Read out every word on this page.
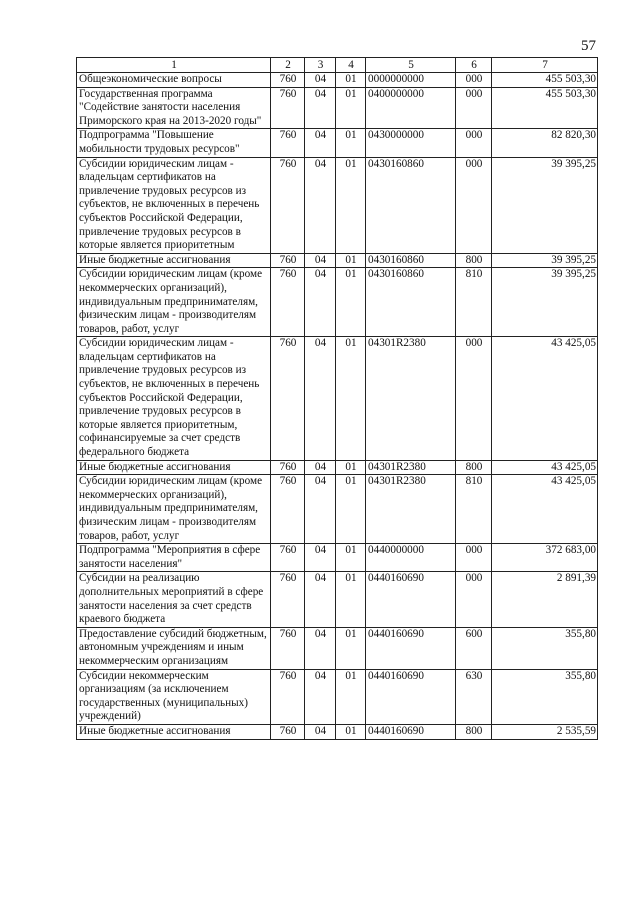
57
1	2	3	4	5	6	7
Общеэкономические вопросы	760	04	01	0000000000	000	455 503,30
Государственная программа "Содействие занятости населения Приморского края на 2013-2020 годы"	760	04	01	0400000000	000	455 503,30
Подпрограмма "Повышение мобильности трудовых ресурсов"	760	04	01	0430000000	000	82 820,30
Субсидии юридическим лицам - владельцам сертификатов на привлечение трудовых ресурсов из субъектов, не включенных в перечень субъектов Российской Федерации, привлечение трудовых ресурсов в которые является приоритетным	760	04	01	0430160860	000	39 395,25
Иные бюджетные ассигнования	760	04	01	0430160860	800	39 395,25
Субсидии юридическим лицам (кроме некоммерческих организаций), индивидуальным предпринимателям, физическим лицам - производителям товаров, работ, услуг	760	04	01	0430160860	810	39 395,25
Субсидии юридическим лицам - владельцам сертификатов на привлечение трудовых ресурсов из субъектов, не включенных в перечень субъектов Российской Федерации, привлечение трудовых ресурсов в которые является приоритетным, софинансируемые за счет средств федерального бюджета	760	04	01	04301R2380	000	43 425,05
Иные бюджетные ассигнования	760	04	01	04301R2380	800	43 425,05
Субсидии юридическим лицам (кроме некоммерческих организаций), индивидуальным предпринимателям, физическим лицам - производителям товаров, работ, услуг	760	04	01	04301R2380	810	43 425,05
Подпрограмма "Мероприятия в сфере занятости населения"	760	04	01	0440000000	000	372 683,00
Субсидии на реализацию дополнительных мероприятий в сфере занятости населения за счет средств краевого бюджета	760	04	01	0440160690	000	2 891,39
Предоставление субсидий бюджетным, автономным учреждениям и иным некоммерческим организациям	760	04	01	0440160690	600	355,80
Субсидии некоммерческим организациям (за исключением государственных (муниципальных) учреждений)	760	04	01	0440160690	630	355,80
Иные бюджетные ассигнования	760	04	01	0440160690	800	2 535,59
